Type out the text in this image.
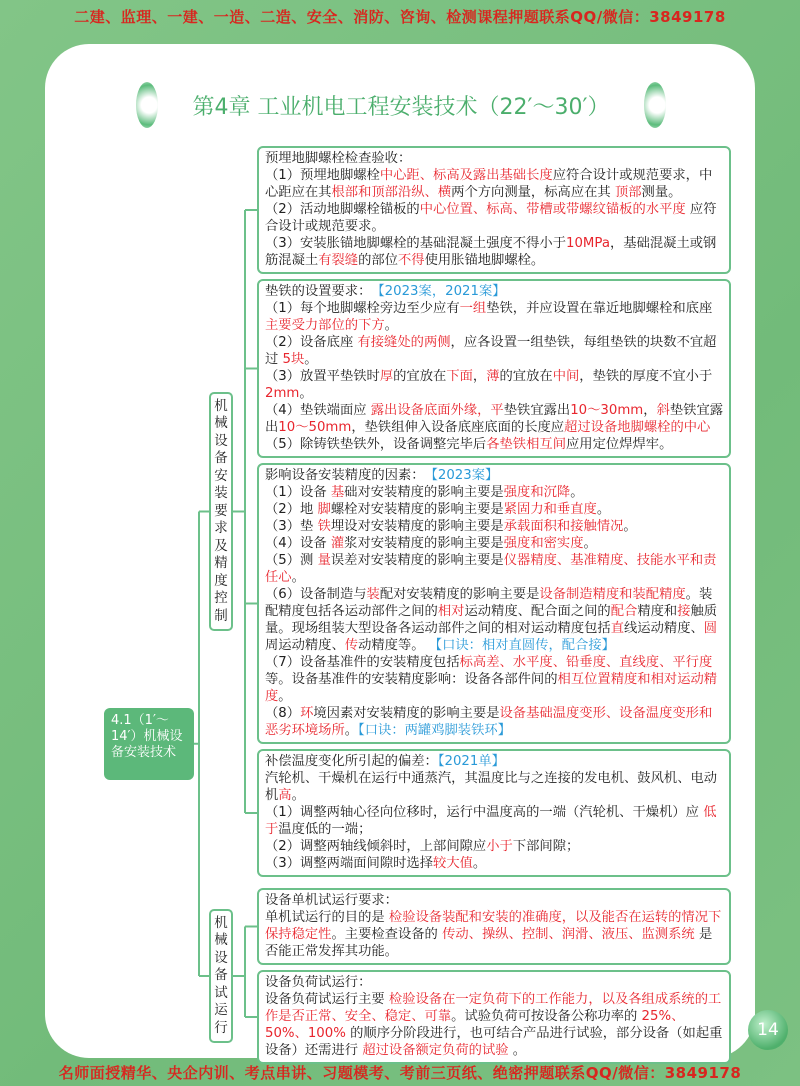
二建、监理、一建、一造、二造、安全、消防、咨询、检测课程押题联系QQ/微信：3849178
第4章 工业机电工程安装技术（22′～30′）
4.1（1′～14′）机械设备安装技术
机械设备安装要求及精度控制
机械设备试运行

预埋地脚螺栓检查验收：

（1）预埋地脚螺栓中心距、标高及露出基础长度应符合设计或规范要求，中心距应在其根部和顶部沿纵、横两个方向测量，标高应在其 顶部测量。

（2）活动地脚螺栓锚板的中心位置、标高、带槽或带螺纹锚板的水平度 应符合设计或规范要求。

（3）安装胀锚地脚螺栓的基础混凝土强度不得小于10MPa，基础混凝土或钢筋混凝土有裂缝的部位不得使用胀锚地脚螺栓。

垫铁的设置要求：　【2023案，2021案】

（1）每个地脚螺栓旁边至少应有一组垫铁，并应设置在靠近地脚螺栓和底座 主要受力部位的下方。

（2）设备底座 有接缝处的两侧，应各设置一组垫铁，每组垫铁的块数不宜超过 5块。

（3）放置平垫铁时厚的宜放在下面，薄的宜放在中间，垫铁的厚度不宜小于2mm。

（4）垫铁端面应 露出设备底面外缘，平垫铁宜露出10～30mm，斜垫铁宜露出10～50mm，垫铁组伸入设备底座底面的长度应超过设备地脚螺栓的中心

（5）除铸铁垫铁外，设备调整完毕后各垫铁相互间应用定位焊焊牢。

影响设备安装精度的因素：　【2023案】

（1）设备 基础对安装精度的影响主要是强度和沉降。

（2）地 脚螺栓对安装精度的影响主要是紧固力和垂直度。

（3）垫 铁埋设对安装精度的影响主要是承载面积和接触情况。

（4）设备 灌浆对安装精度的影响主要是强度和密实度。

（5）测 量误差对安装精度的影响主要是仪器精度、基准精度、技能水平和责任心。

（6）设备制造与装配对安装精度的影响主要是设备制造精度和装配精度。装配精度包括各运动部件之间的相对运动精度、配合面之间的配合精度和接触质量。现场组装大型设备各运动部件之间的相对运动精度包括直线运动精度、圆周运动精度、传动精度等。 【口诀：相对直圆传，配合接】

（7）设备基准件的安装精度包括标高差、水平度、铅垂度、直线度、平行度 等。设备基准件的安装精度影响：设备各部件间的相互位置精度和相对运动精度。

（8）环境因素对安装精度的影响主要是设备基础温度变形、设备温度变形和恶劣环境场所。【口诀：两罐鸡脚装铁环】

补偿温度变化所引起的偏差：【2021单】

汽轮机、干燥机在运行中通蒸汽，其温度比与之连接的发电机、鼓风机、电动机高。

（1）调整两轴心径向位移时，运行中温度高的一端（汽轮机、干燥机）应 低于温度低的一端；

（2）调整两轴线倾斜时，上部间隙应小于下部间隙；

（3）调整两端面间隙时选择较大值。

设备单机试运行要求：

单机试运行的目的是 检验设备装配和安装的准确度，以及能否在运转的情况下保持稳定性。主要检查设备的 传动、操纵、控制、润滑、液压、监测系统 是否能正常发挥其功能。

设备负荷试运行：

设备负荷试运行主要 检验设备在一定负荷下的工作能力，以及各组成系统的工作是否正常、安全、稳定、可靠。试验负荷可按设备公称功率的 25%、50%、100% 的顺序分阶段进行，也可结合产品进行试验，部分设备（如起重设备）还需进行 超过设备额定负荷的试验 。

14
名师面授精华、央企内训、考点串讲、习题模考、考前三页纸、绝密押题联系QQ/微信：3849178
